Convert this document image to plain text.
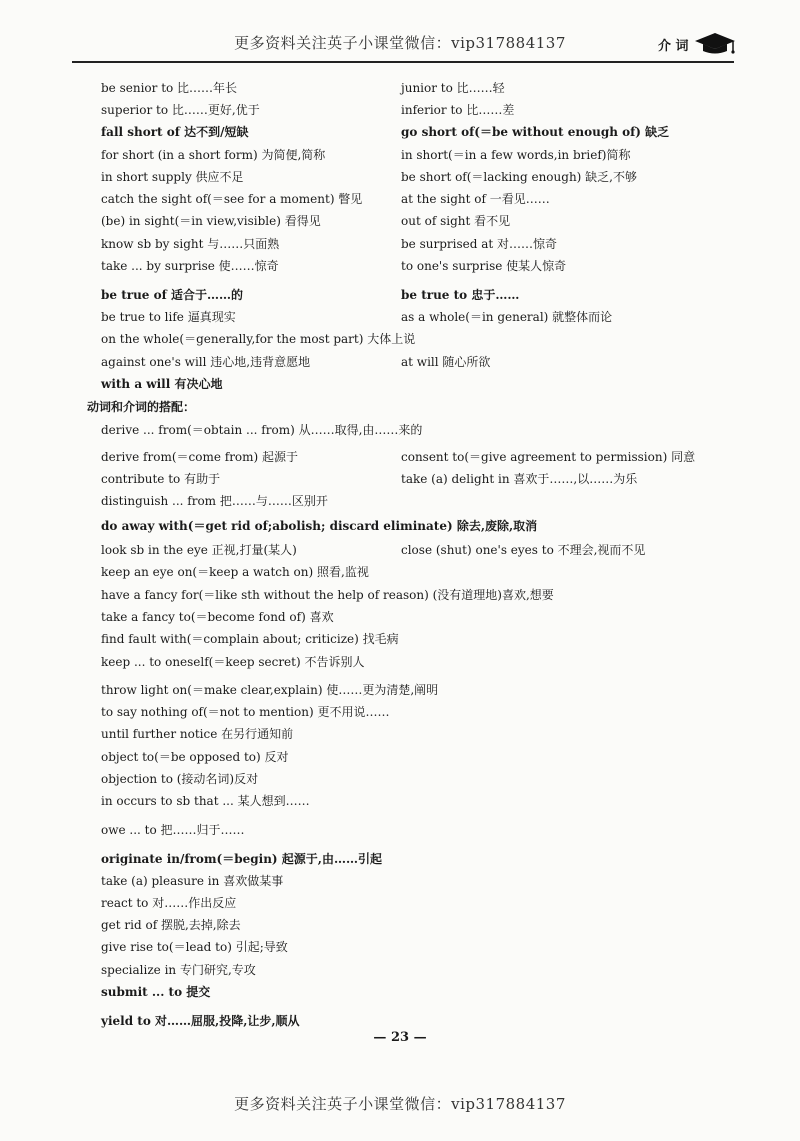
更多资料关注英子小课堂微信：vip317884137	介 词
be senior to 比……年长	junior to 比……轻
superior to 比……更好,优于	inferior to 比……差
fall short of 达不到/短缺	go short of(＝be without enough of) 缺乏
for short (in a short form) 为简便,简称	in short(＝in a few words,in brief)简称
in short supply 供应不足	be short of(＝lacking enough) 缺乏,不够
catch the sight of(＝see for a moment) 瞥见	at the sight of 一看见……
(be) in sight(＝in view,visible) 看得见	out of sight 看不见
know sb by sight 与……只面熟	be surprised at 对……惊奇
take ... by surprise 使……惊奇	to one's surprise 使某人惊奇
be true of 适合于……的	be true to 忠于……
be true to life 逼真现实	as a whole(＝in general) 就整体而论
on the whole(＝generally,for the most part) 大体上说
against one's will 违心地,违背意愿地	at will 随心所欲
with a will 有决心地
动词和介词的搭配：
derive ... from(＝obtain ... from) 从……取得,由……来的
derive from(＝come from) 起源于	consent to(＝give agreement to permission) 同意
contribute to 有助于	take (a) delight in 喜欢于……,以……为乐
distinguish ... from 把……与……区别开
do away with(＝get rid of;abolish; discard eliminate) 除去,废除,取消
look sb in the eye 正视,打量(某人)	close (shut) one's eyes to 不理会,视而不见
keep an eye on(＝keep a watch on) 照看,监视
have a fancy for(＝like sth without the help of reason) (没有道理地)喜欢,想要
take a fancy to(＝become fond of) 喜欢
find fault with(＝complain about; criticize) 找毛病
keep ... to oneself(＝keep secret) 不告诉别人
throw light on(＝make clear,explain) 使……更为清楚,阐明
to say nothing of(＝not to mention) 更不用说……
until further notice 在另行通知前
object to(＝be opposed to) 反对
objection to (接动名词)反对
in occurs to sb that ... 某人想到……
owe ... to 把……归于……
originate in/from(＝begin) 起源于,由……引起
take (a) pleasure in 喜欢做某事
react to 对……作出反应
get rid of 摆脱,去掉,除去
give rise to(＝lead to) 引起;导致
specialize in 专门研究,专攻
submit ... to 提交
yield to 对……屈服,投降,让步,顺从
— 23 —
更多资料关注英子小课堂微信：vip317884137
